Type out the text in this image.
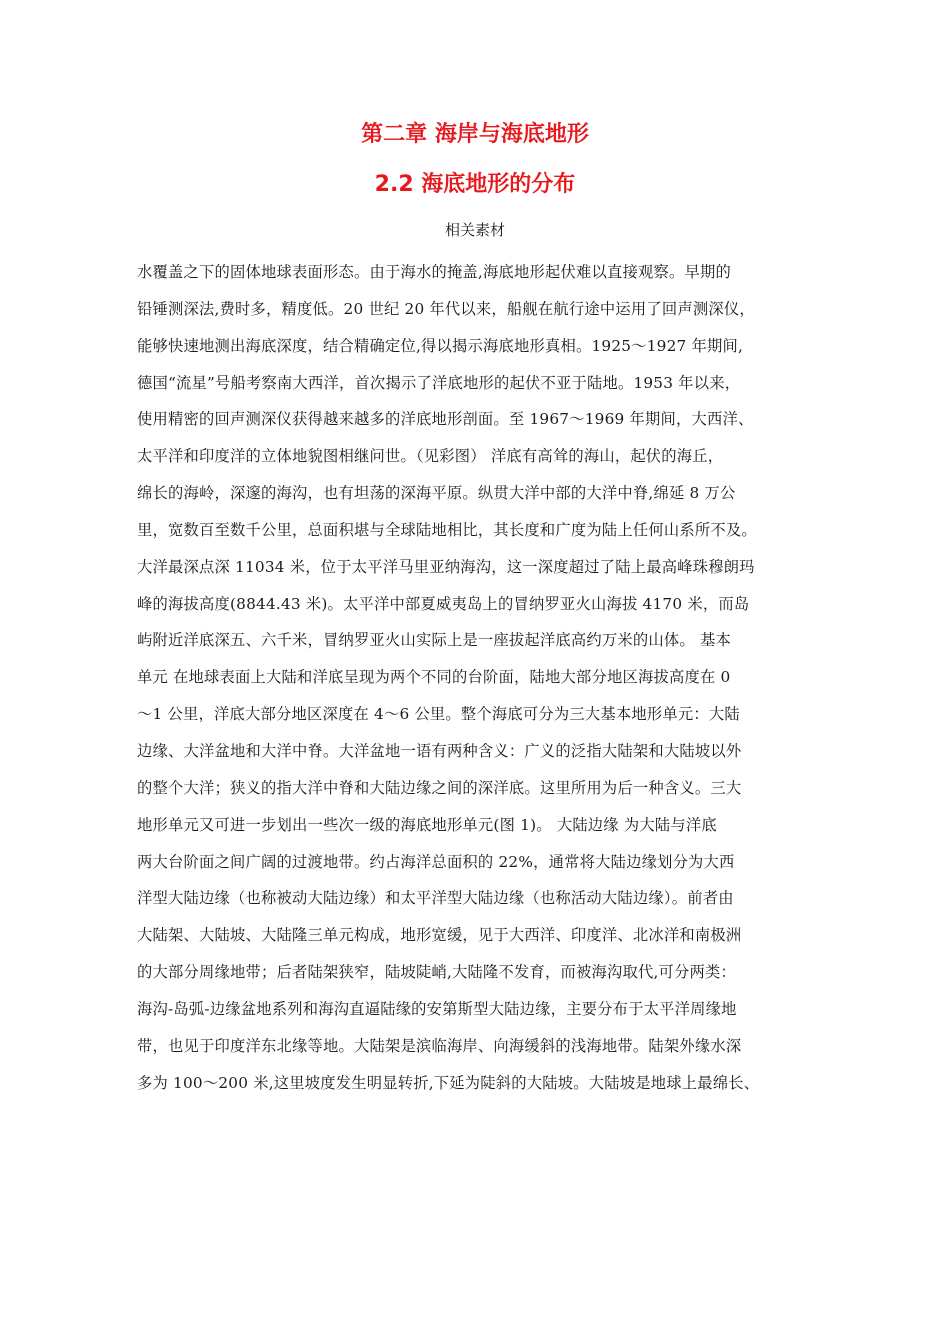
第二章 海岸与海底地形
2.2 海底地形的分布

相关素材

水覆盖之下的固体地球表面形态。由于海水的掩盖,海底地形起伏难以直接观察。早期的
铅锤测深法,费时多，精度低。20 世纪 20 年代以来，船舰在航行途中运用了回声测深仪，
能够快速地测出海底深度，结合精确定位,得以揭示海底地形真相。1925～1927 年期间,
德国“流星”号船考察南大西洋，首次揭示了洋底地形的起伏不亚于陆地。1953 年以来，
使用精密的回声测深仪获得越来越多的洋底地形剖面。至 1967～1969 年期间，大西洋、
太平洋和印度洋的立体地貌图相继问世。（见彩图） 洋底有高耸的海山，起伏的海丘，
绵长的海岭，深邃的海沟，也有坦荡的深海平原。纵贯大洋中部的大洋中脊,绵延 8 万公
里，宽数百至数千公里，总面积堪与全球陆地相比，其长度和广度为陆上任何山系所不及。
大洋最深点深 11034 米，位于太平洋马里亚纳海沟，这一深度超过了陆上最高峰珠穆朗玛
峰的海拔高度(8844.43 米)。太平洋中部夏威夷岛上的冒纳罗亚火山海拔 4170 米，而岛
屿附近洋底深五、六千米，冒纳罗亚火山实际上是一座拔起洋底高约万米的山体。 基本
单元 在地球表面上大陆和洋底呈现为两个不同的台阶面，陆地大部分地区海拔高度在 0
～1 公里，洋底大部分地区深度在 4～6 公里。整个海底可分为三大基本地形单元：大陆
边缘、大洋盆地和大洋中脊。大洋盆地一语有两种含义：广义的泛指大陆架和大陆坡以外
的整个大洋；狭义的指大洋中脊和大陆边缘之间的深洋底。这里所用为后一种含义。三大
地形单元又可进一步划出一些次一级的海底地形单元(图 1)。 大陆边缘 为大陆与洋底
两大台阶面之间广阔的过渡地带。约占海洋总面积的 22%，通常将大陆边缘划分为大西
洋型大陆边缘（也称被动大陆边缘）和太平洋型大陆边缘（也称活动大陆边缘）。前者由
大陆架、大陆坡、大陆隆三单元构成，地形宽缓，见于大西洋、印度洋、北冰洋和南极洲
的大部分周缘地带；后者陆架狭窄，陆坡陡峭,大陆隆不发育，而被海沟取代,可分两类：
海沟-岛弧-边缘盆地系列和海沟直逼陆缘的安第斯型大陆边缘，主要分布于太平洋周缘地
带，也见于印度洋东北缘等地。大陆架是滨临海岸、向海缓斜的浅海地带。陆架外缘水深
多为 100～200 米,这里坡度发生明显转折,下延为陡斜的大陆坡。大陆坡是地球上最绵长、
